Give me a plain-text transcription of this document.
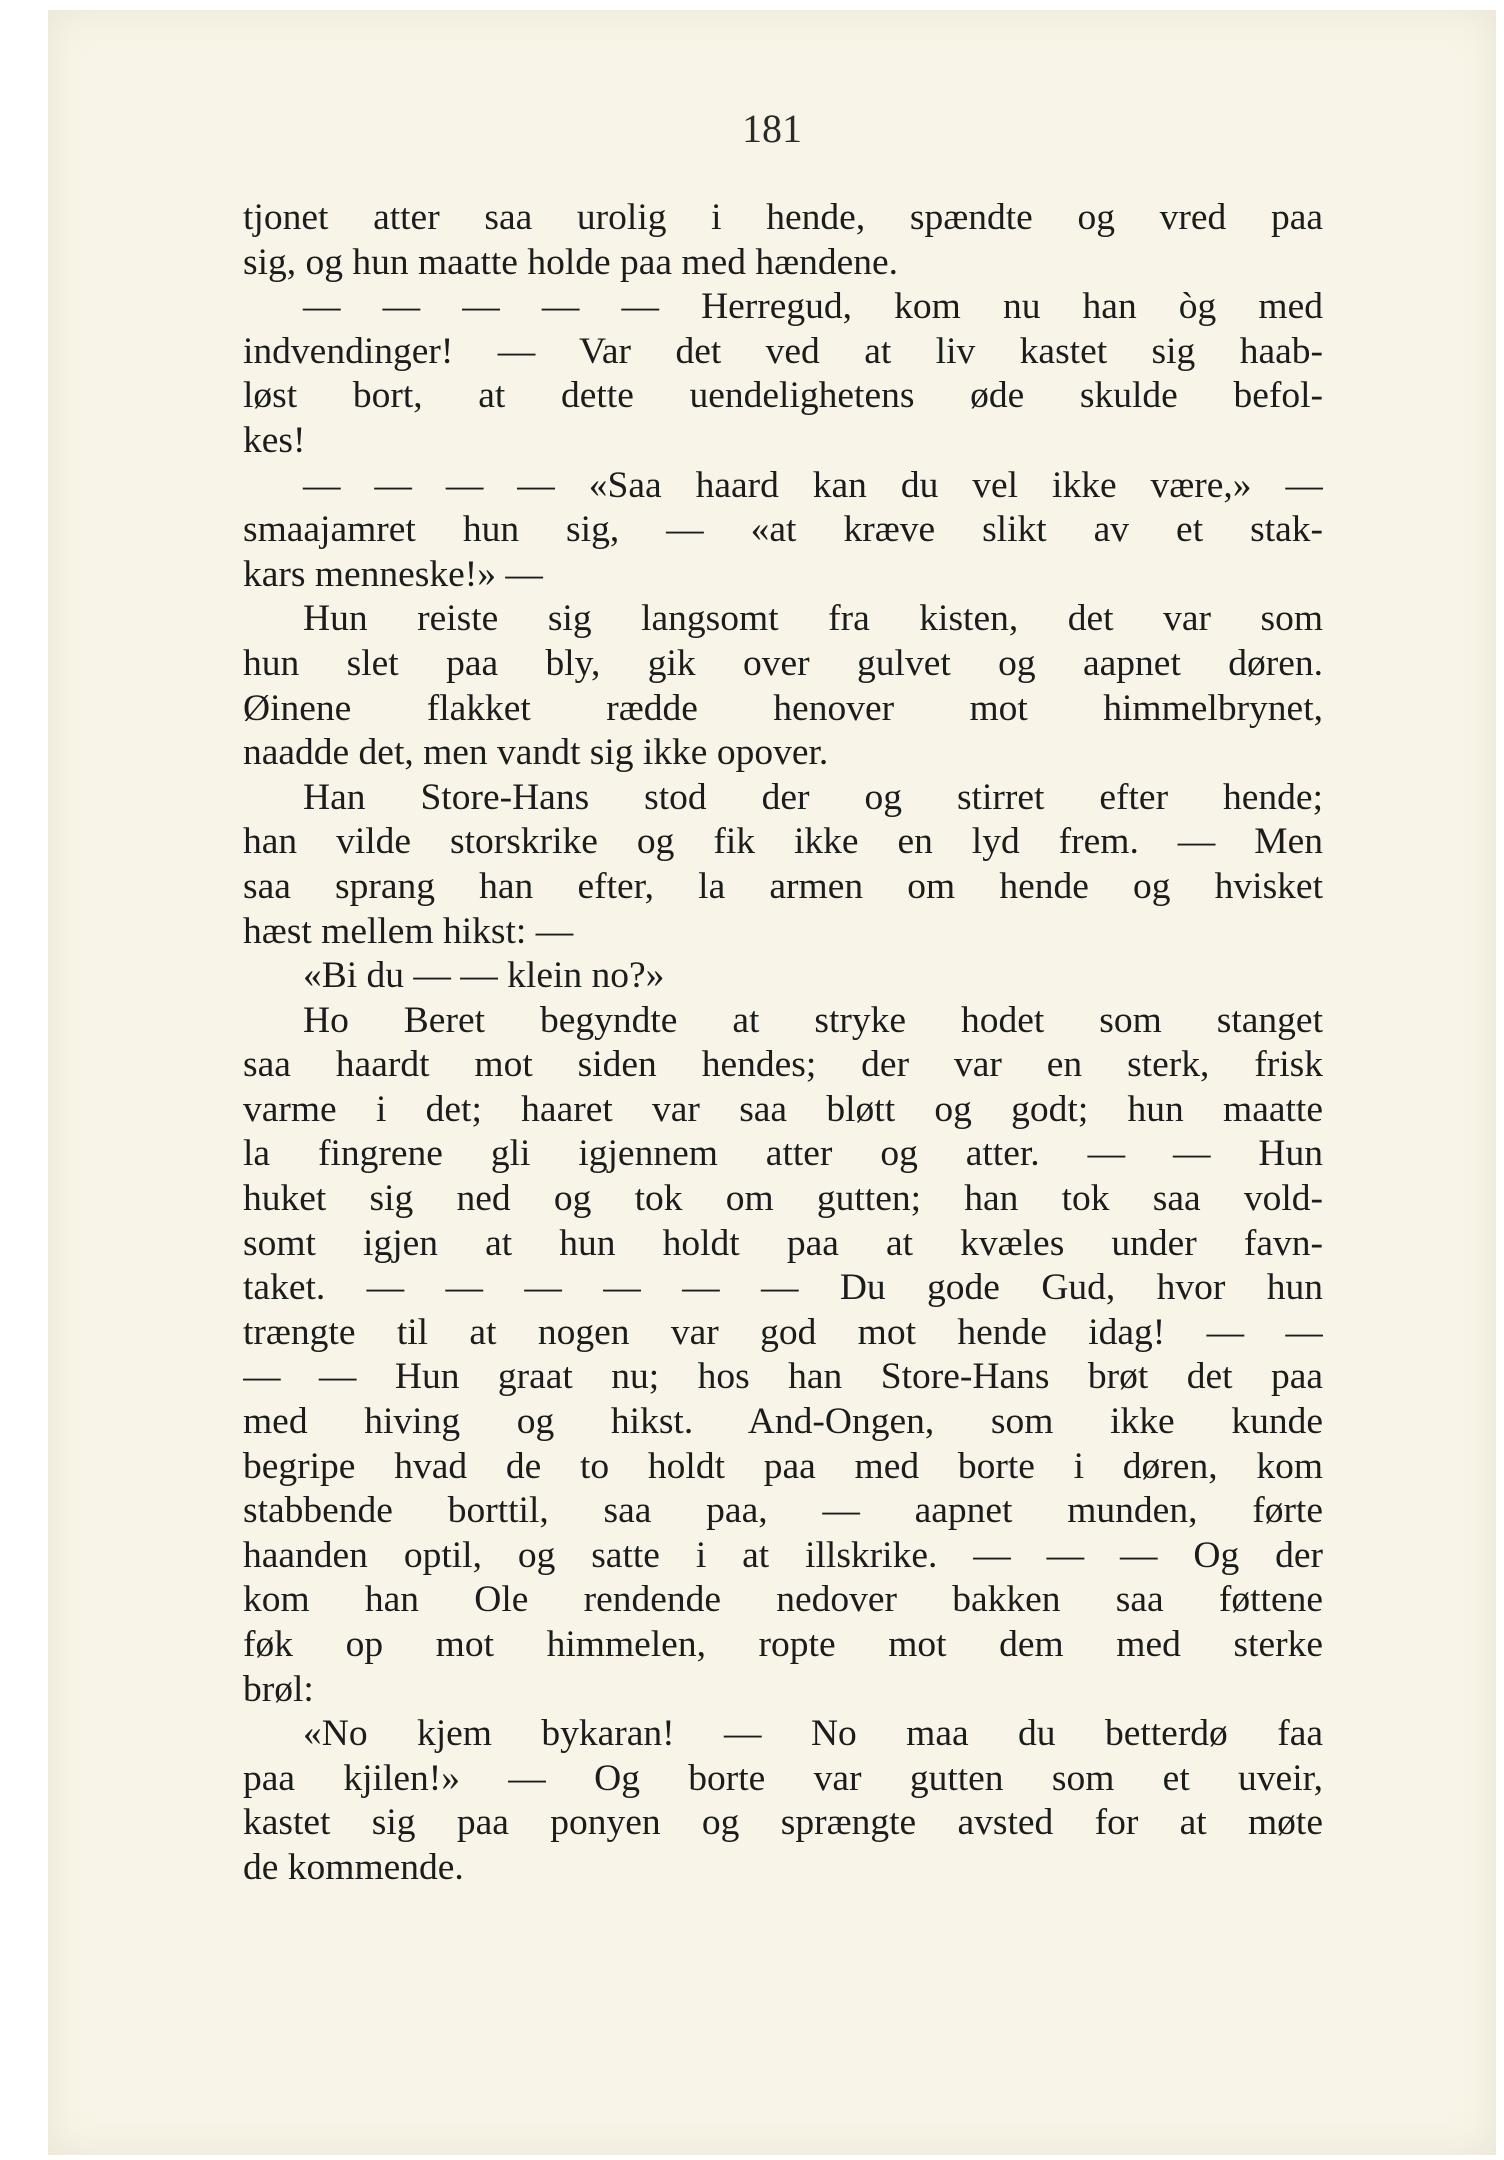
181
tjonet atter saa urolig i hende, spændte og vred paa
sig, og hun maatte holde paa med hændene.
— — — — — Herregud, kom nu han òg med
indvendinger! — Var det ved at liv kastet sig haab-
løst bort, at dette uendelighetens øde skulde befol-
kes!
— — — — «Saa haard kan du vel ikke være,» —
smaajamret hun sig, — «at kræve slikt av et stak-
kars menneske!» —
Hun reiste sig langsomt fra kisten, det var som
hun slet paa bly, gik over gulvet og aapnet døren.
Øinene flakket rædde henover mot himmelbrynet,
naadde det, men vandt sig ikke opover.
Han Store-Hans stod der og stirret efter hende;
han vilde storskrike og fik ikke en lyd frem. — Men
saa sprang han efter, la armen om hende og hvisket
hæst mellem hikst: —
«Bi du — — klein no?»
Ho Beret begyndte at stryke hodet som stanget
saa haardt mot siden hendes; der var en sterk, frisk
varme i det; haaret var saa bløtt og godt; hun maatte
la fingrene gli igjennem atter og atter. — — Hun
huket sig ned og tok om gutten; han tok saa vold-
somt igjen at hun holdt paa at kvæles under favn-
taket. — — — — — — Du gode Gud, hvor hun
trængte til at nogen var god mot hende idag! — —
— — Hun graat nu; hos han Store-Hans brøt det paa
med hiving og hikst. And-Ongen, som ikke kunde
begripe hvad de to holdt paa med borte i døren, kom
stabbende borttil, saa paa, — aapnet munden, førte
haanden optil, og satte i at illskrike. — — — Og der
kom han Ole rendende nedover bakken saa føttene
føk op mot himmelen, ropte mot dem med sterke
brøl:
«No kjem bykaran! — No maa du betterdø faa
paa kjilen!» — Og borte var gutten som et uveir,
kastet sig paa ponyen og sprængte avsted for at møte
de kommende.
